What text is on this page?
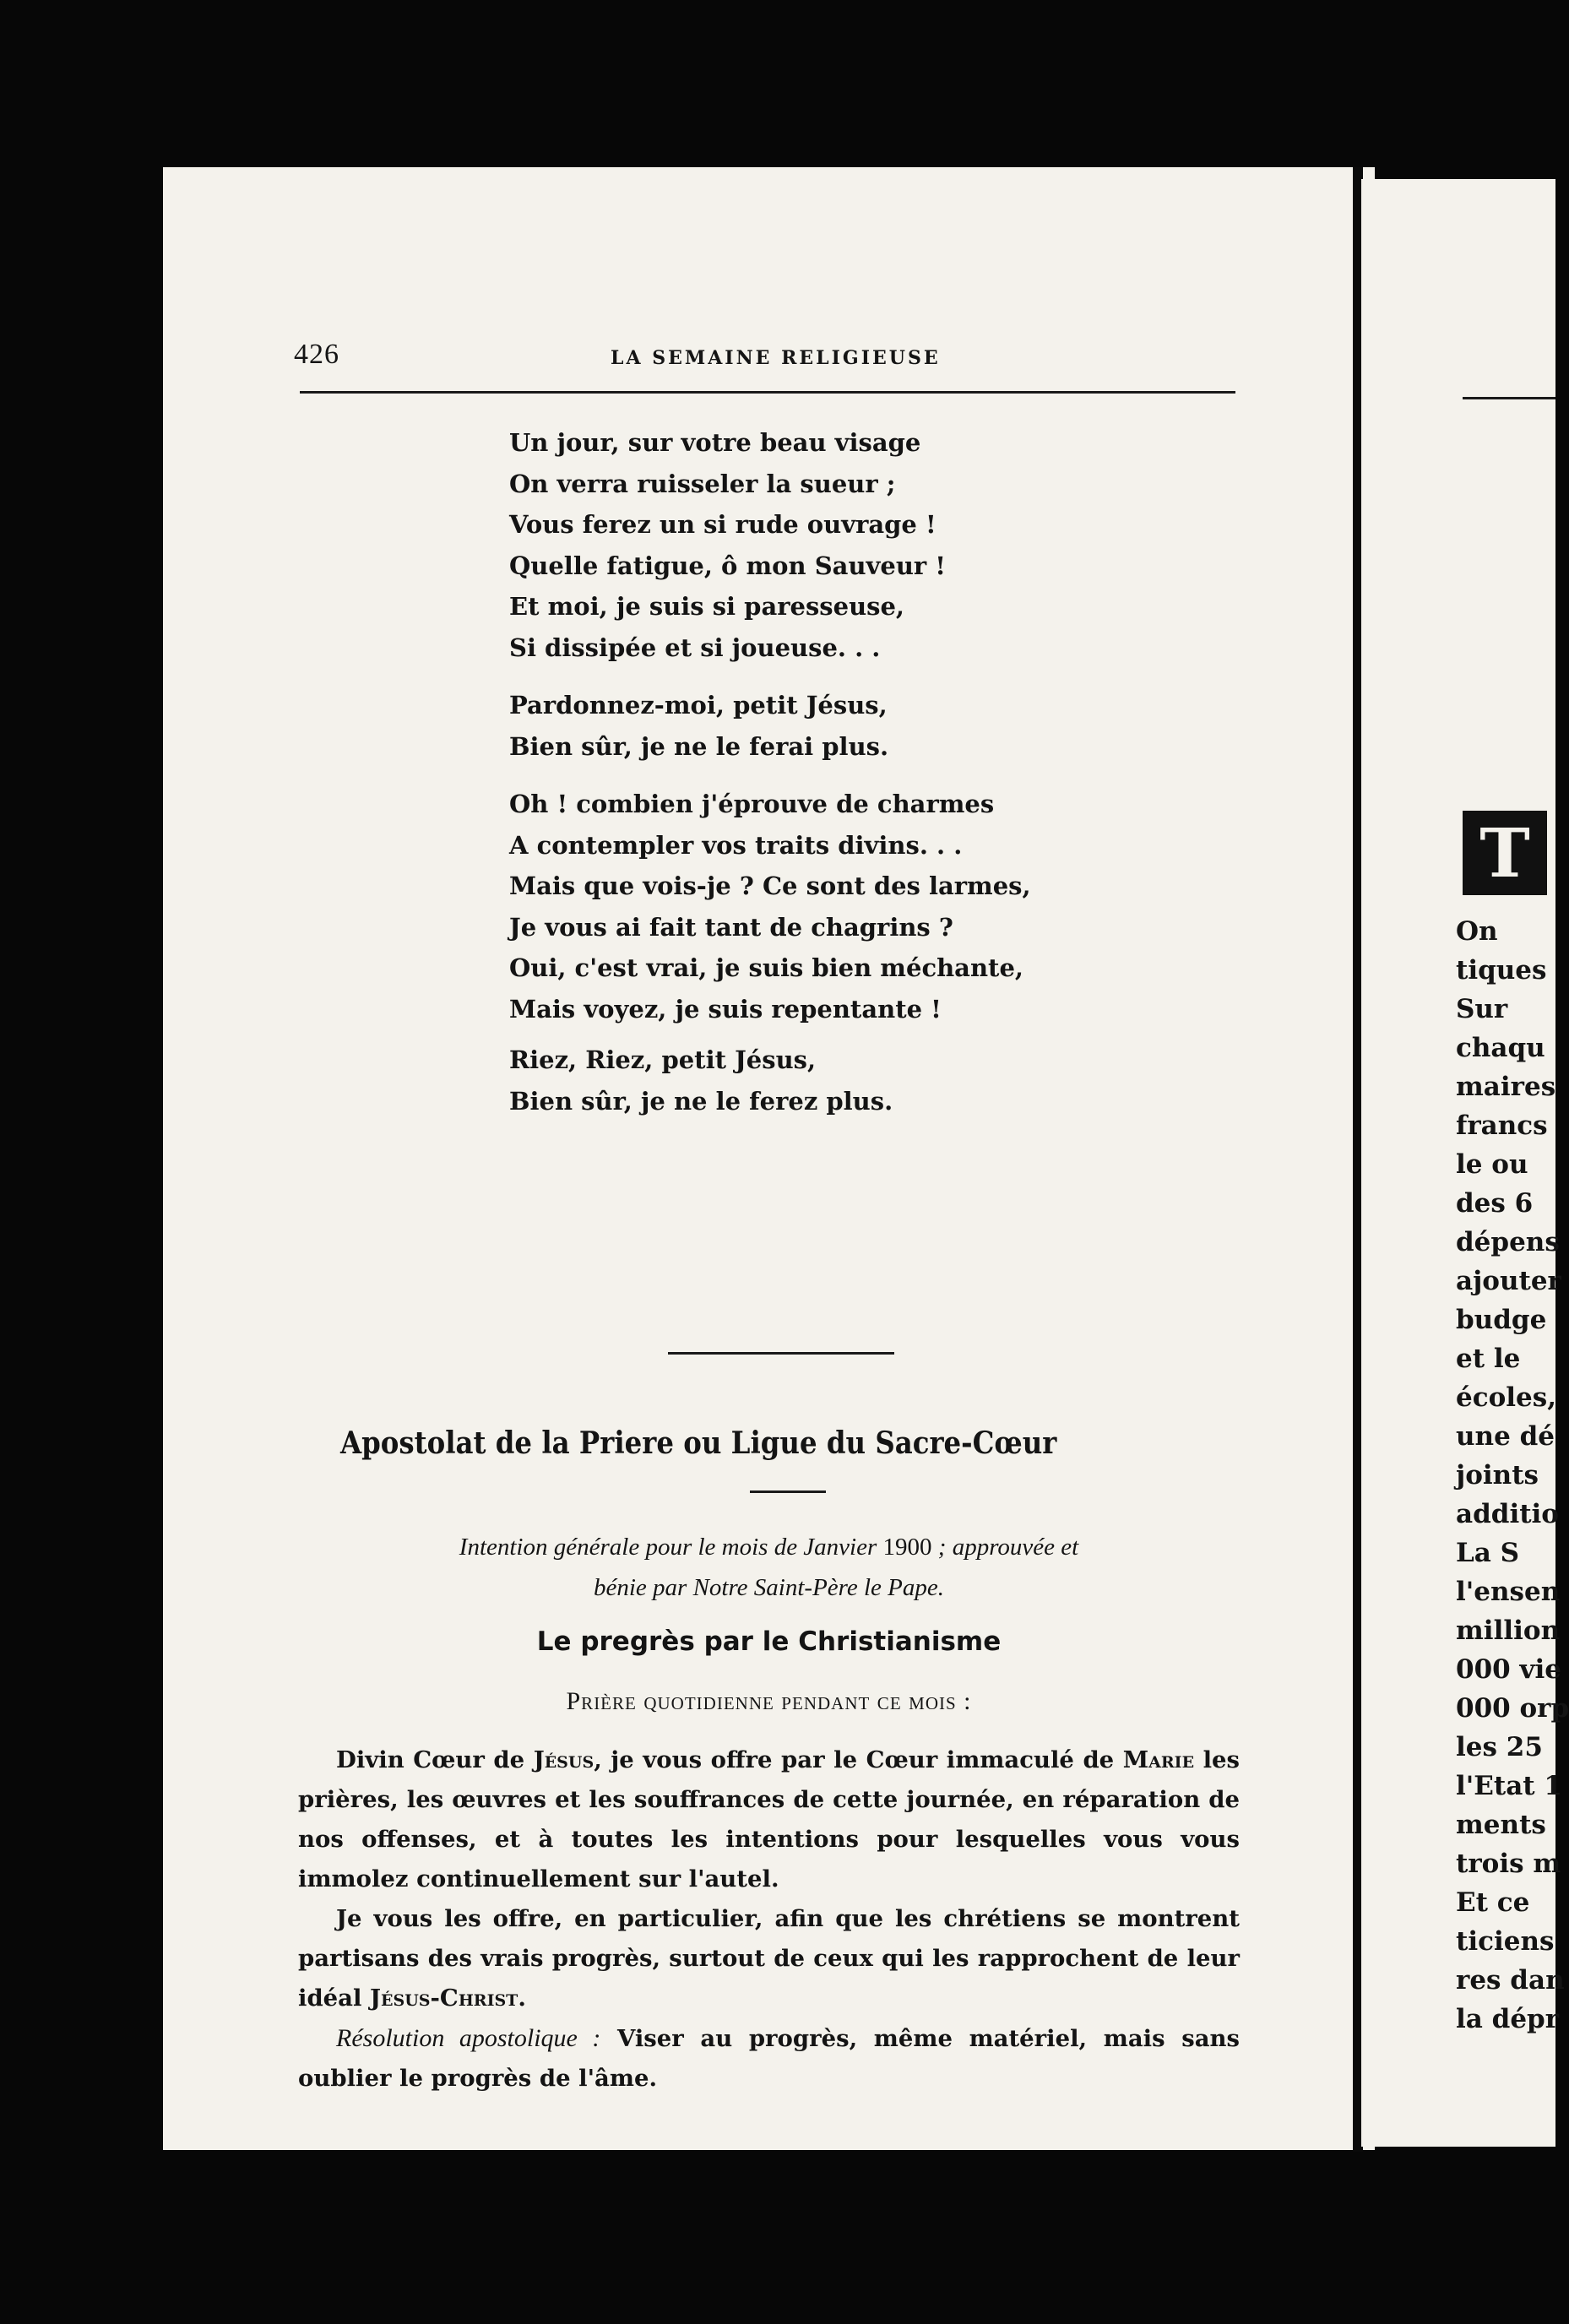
426	LA SEMAINE RELIGIEUSE
Un jour, sur votre beau visage
On verra ruisseler la sueur ;
Vous ferez un si rude ouvrage !
Quelle fatigue, ô mon Sauveur !
Et moi, je suis si paresseuse,
Si dissipée et si joueuse. . .
Pardonnez-moi, petit Jésus,
Bien sûr, je ne le ferai plus.
Oh ! combien j'éprouve de charmes
A contempler vos traits divins. . .
Mais que vois-je ? Ce sont des larmes,
Je vous ai fait tant de chagrins ?
Oui, c'est vrai, je suis bien méchante,
Mais voyez, je suis repentante !
Riez, Riez, petit Jésus,
Bien sûr, je ne le ferez plus.
Apostolat de la Priere ou Ligue du Sacre-Cœur
Intention générale pour le mois de Janvier 1900 ; approuvée et
bénie par Notre Saint-Père le Pape.
Le pregrès par le Christianisme
Prière quotidienne pendant ce mois :

Divin Cœur de Jésus, je vous offre par le Cœur immaculé de Marie les prières, les œuvres et les souffrances de cette journée, en réparation de nos offenses, et à toutes les intentions pour lesquelles vous vous immolez continuellement sur l'autel.

Je vous les offre, en particulier, afin que les chrétiens se montrent partisans des vrais progrès, surtout de ceux qui les rapprochent de leur idéal Jésus-Christ.

Résolution apostolique : Viser au progrès, même matériel, mais sans oublier le progrès de l'âme.

T
On
tiques
Sur
chaqu
maires
francs
le ou
des 6
dépens
ajouter
budge
et le
écoles,
une dé
joints
additio
La S
l'ensen
million
000 vie
000 orp
les 25
l'Etat 1
ments
trois m
Et ce
ticiens
res dan
la dépr
